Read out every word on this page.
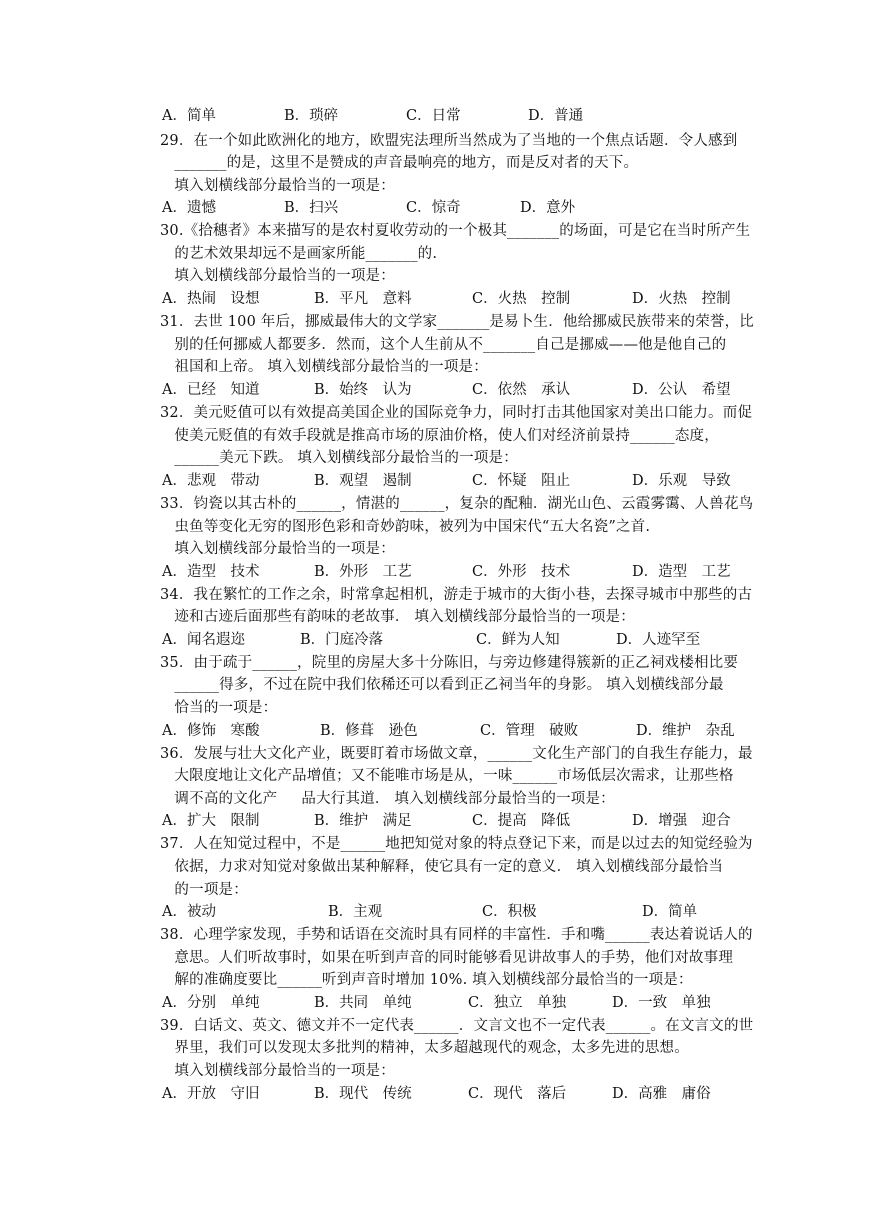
A．简单

	B．琐碎

	C．日常

	D．普通

29．在一个如此欧洲化的地方，欧盟宪法理所当然成为了当地的一个焦点话题．令人感到
_______的是，这里不是赞成的声音最响亮的地方，而是反对者的天下。
填入划横线部分最恰当的一项是：

A．遗憾

	B．扫兴

	C．惊奇

	D．意外

30.《拾穗者》本来描写的是农村夏收劳动的一个极其_______的场面，可是它在当时所产生
的艺术效果却远不是画家所能_______的.
填入划横线部分最恰当的一项是：

A．热闹　设想

	B．平凡　意料

	C．火热　控制

	D．火热　控制

31．去世 100 年后，挪威最伟大的文学家_______是易卜生．他给挪威民族带来的荣誉，比
别的任何挪威人都要多．然而，这个人生前从不_______自己是挪威——他是他自己的
祖国和上帝。 填入划横线部分最恰当的一项是：

A．已经　知道

	B．始终　认为

	C．依然　承认

	D．公认　希望

32．美元贬值可以有效提高美国企业的国际竞争力，同时打击其他国家对美出口能力。而促
使美元贬值的有效手段就是推高市场的原油价格，使人们对经济前景持______态度，
______美元下跌。 填入划横线部分最恰当的一项是：

A．悲观　带动

	B．观望　遏制

	C．怀疑　阻止

	D．乐观　导致

33．钧瓷以其古朴的______，情湛的______，复杂的配釉．湖光山色、云霞雾霭、人兽花鸟
虫鱼等变化无穷的图形色彩和奇妙韵味，被列为中国宋代“五大名瓷”之首.
填入划横线部分最恰当的一项是：

A．造型　技术

	B．外形　工艺

	C．外形　技术

	D．造型　工艺

34．我在繁忙的工作之余，时常拿起相机，游走于城市的大街小巷，去探寻城市中那些的古
迹和古迹后面那些有韵味的老故事． 填入划横线部分最恰当的一项是：

A．闻名遐迩

	B．门庭冷落

	C．鲜为人知

	D．人迹罕至

35．由于疏于______，院里的房屋大多十分陈旧，与旁边修建得簇新的正乙祠戏楼相比要
______得多，不过在院中我们依稀还可以看到正乙祠当年的身影。 填入划横线部分最
恰当的一项是：

A．修饰　寒酸

	B．修葺　逊色

	C．管理　破败

	D．维护　杂乱

36．发展与壮大文化产业，既要盯着市场做文章，______文化生产部门的自我生存能力，最
大限度地让文化产品增值；又不能唯市场是从，一味______市场低层次需求，让那些格
调不高的文化产     品大行其道． 填入划横线部分最恰当的一项是：

A．扩大　限制

	B．维护　满足

	C．提高　降低

	D．增强　迎合

37．人在知觉过程中，不是______地把知觉对象的特点登记下来，而是以过去的知觉经验为
依据，力求对知觉对象做出某种解释，使它具有一定的意义． 填入划横线部分最恰当
的一项是：

A．被动

	B．主观

	C．积极

	D．简单

38．心理学家发现，手势和话语在交流时具有同样的丰富性．手和嘴______表达着说话人的
意思。人们听故事时，如果在听到声音的同时能够看见讲故事人的手势，他们对故事理
解的准确度要比______听到声音时增加 10%. 填入划横线部分最恰当的一项是：

A．分别　单纯

	B．共同　单纯

	C．独立　单独

	D．一致　单独

39．白话文、英文、德文并不一定代表______．文言文也不一定代表______。在文言文的世
界里，我们可以发现太多批判的精神，太多超越现代的观念，太多先进的思想。
填入划横线部分最恰当的一项是：

A．开放　守旧

	B．现代　传统

	C．现代　落后

	D．高雅　庸俗
